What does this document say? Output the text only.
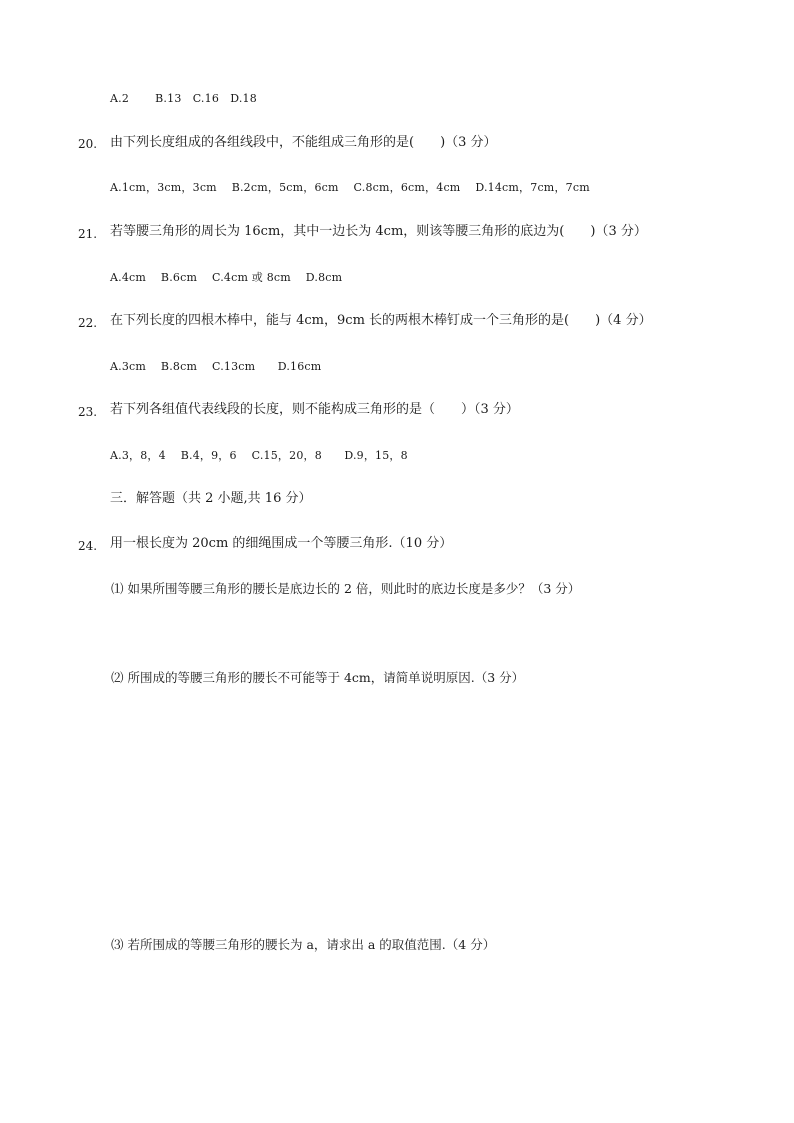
A.2　　 B.13　C.16　D.18
20. 由下列长度组成的各组线段中，不能组成三角形的是(　　)（3 分）
A.1cm，3cm，3cm　 B.2cm，5cm，6cm　 C.8cm，6cm，4cm　 D.14cm，7cm，7cm
21. 若等腰三角形的周长为 16cm，其中一边长为 4cm，则该等腰三角形的底边为(　　)（3 分）
A.4cm　 B.6cm　 C.4cm 或 8cm　 D.8cm
22. 在下列长度的四根木棒中，能与 4cm，9cm 长的两根木棒钉成一个三角形的是(　　)（4 分）
A.3cm　 B.8cm　 C.13cm　　D.16cm
23. 若下列各组值代表线段的长度，则不能构成三角形的是（　　）（3 分）
A.3，8，4　 B.4，9，6　 C.15，20，8　　D.9，15，8
三．解答题（共 2 小题,共 16 分）
24. 用一根长度为 20cm 的细绳围成一个等腰三角形.（10 分）
⑴ 如果所围等腰三角形的腰长是底边长的 2 倍，则此时的底边长度是多少？（3 分）
⑵ 所围成的等腰三角形的腰长不可能等于 4cm，请简单说明原因.（3 分）
⑶ 若所围成的等腰三角形的腰长为 a，请求出 a 的取值范围.（4 分）
